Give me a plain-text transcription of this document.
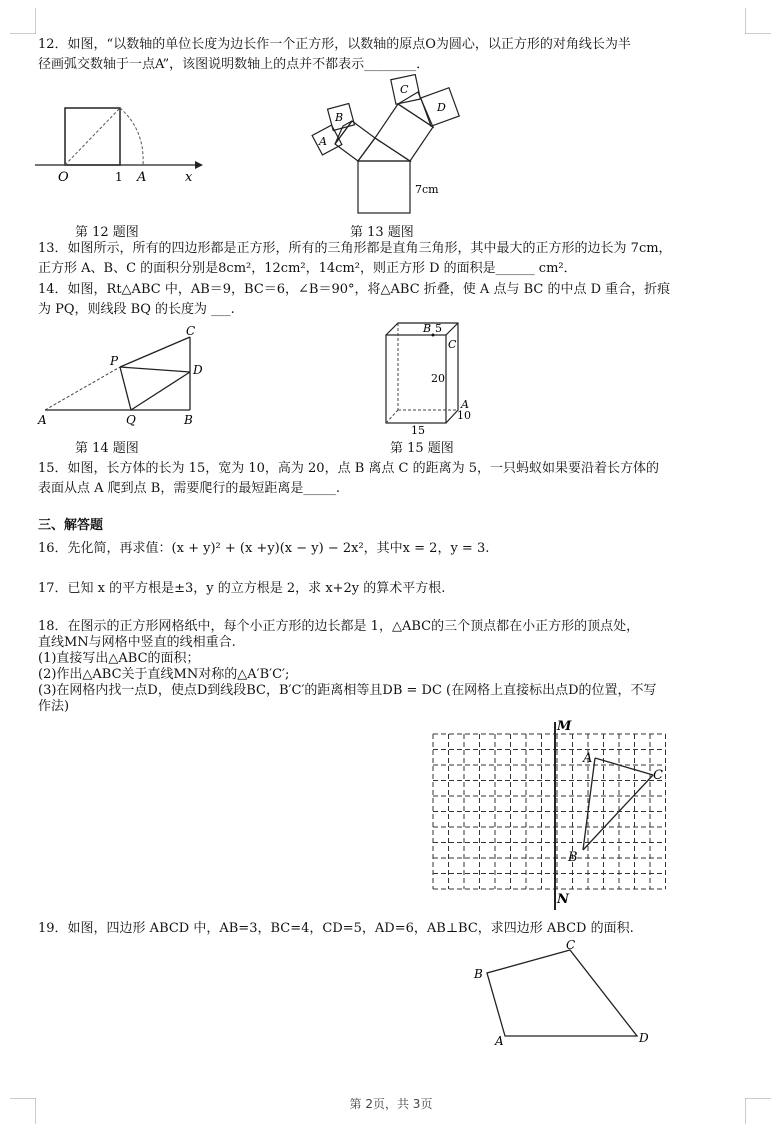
12．如图，“以数轴的单位长度为边长作一个正方形，以数轴的原点O为圆心，以正方形的对角线长为半
径画弧交数轴于一点A”，该图说明数轴上的点并不都表示________．
O	1 A	x
第 12 题图
A
B
C
D
7cm
第 13 题图
13．如图所示，所有的四边形都是正方形，所有的三角形都是直角三角形，其中最大的正方形的边长为 7cm，
正方形 A、B、C 的面积分别是8cm²，12cm²，14cm²，则正方形 D 的面积是______ cm²．
14．如图，Rt△ABC 中，AB＝9，BC＝6，∠B＝90°，将△ABC 折叠，使 A 点与 BC 的中点 D 重合，折痕
为 PQ，则线段 BQ 的长度为 ___.
P
C
D
A	Q	B
第 14 题图
B 5
C
20
A
10
15
第 15 题图
15．如图，长方体的长为 15，宽为 10，高为 20，点 B 离点 C 的距离为 5，一只蚂蚁如果要沿着长方体的
表面从点 A 爬到点 B，需要爬行的最短距离是_____.
三、解答题
16．先化简，再求值：(x + y)² + (x +y)(x − y) − 2x²，其中x = 2，y = 3.
17．已知 x 的平方根是±3，y 的立方根是 2，求 x+2y 的算术平方根.
18．在图示的正方形网格纸中，每个小正方形的边长都是 1，△ABC的三个顶点都在小正方形的顶点处，
直线MN与网格中竖直的线相重合.
(1)直接写出△ABC的面积；
(2)作出△ABC关于直线MN对称的△A′B′C′;
(3)在网格内找一点D，使点D到线段BC，B′C′的距离相等且DB = DC (在网格上直接标出点D的位置，不写
作法)
M
N
A
B
C
19．如图，四边形 ABCD 中，AB=3，BC=4，CD=5，AD=6，AB⊥BC，求四边形 ABCD 的面积.
A
B
C
D
第 2页，共 3页
